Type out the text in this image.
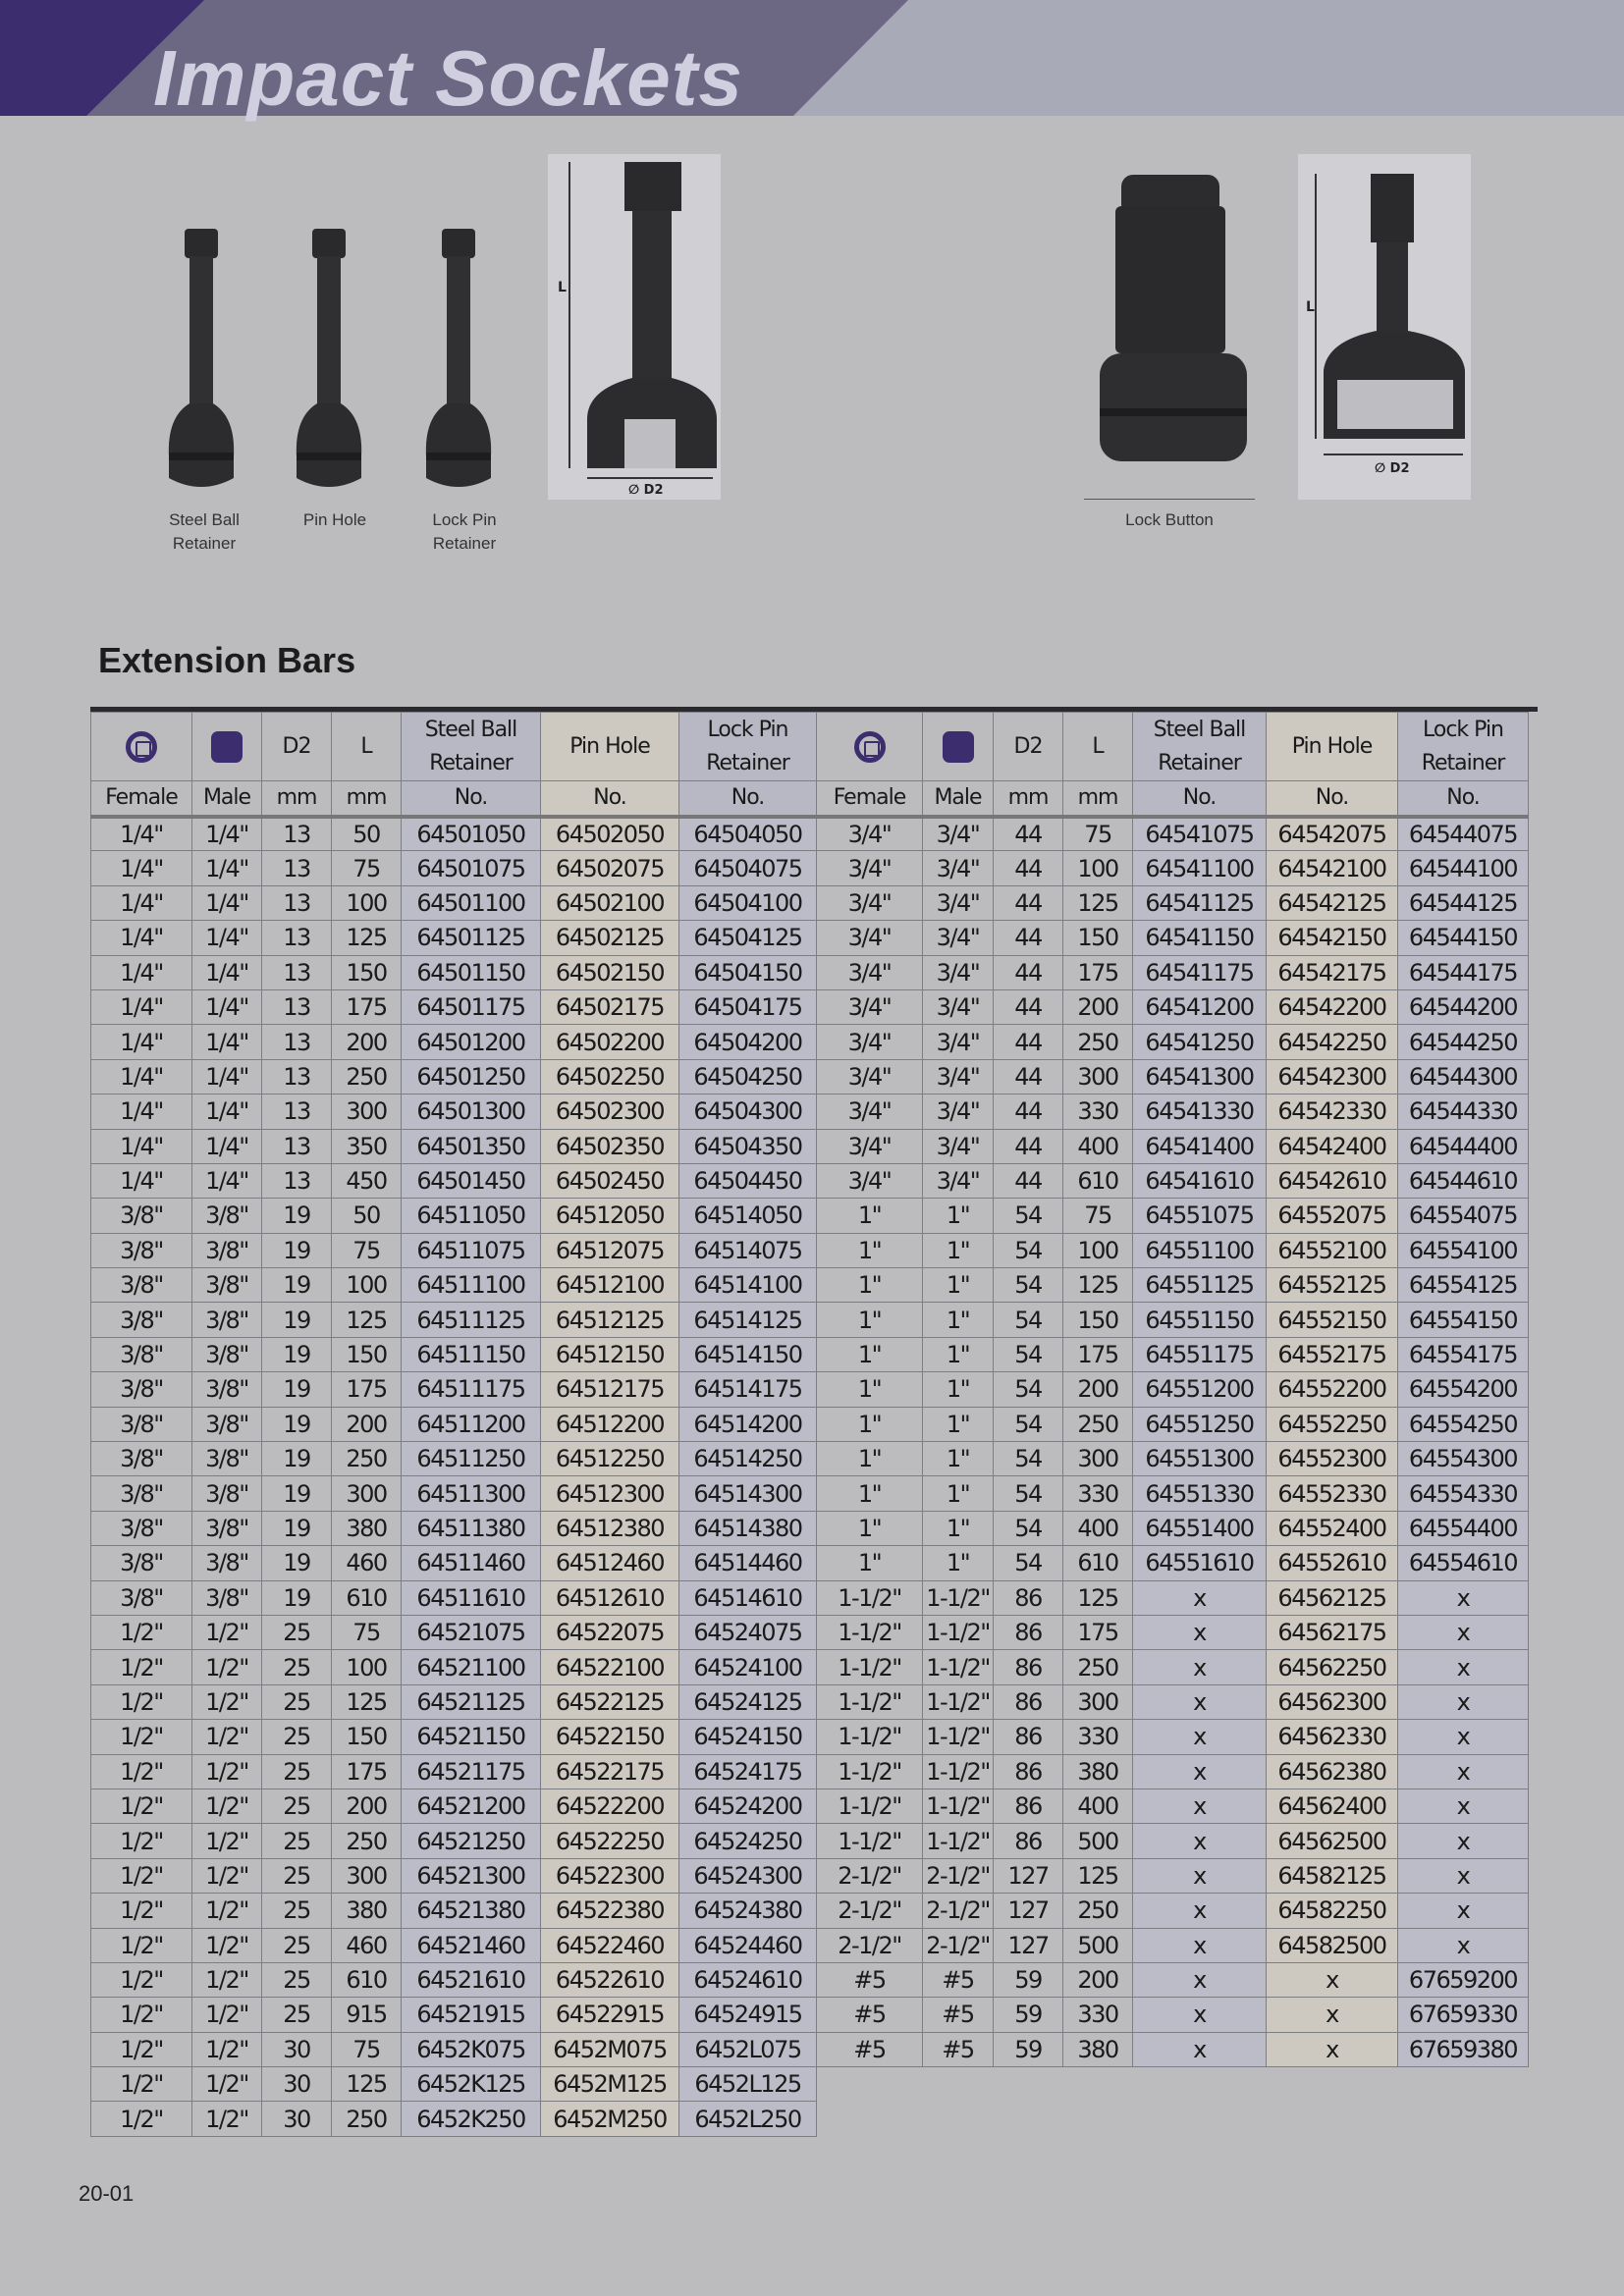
Impact Sockets
L
∅ D2
L
∅ D2
Steel Ball
Retainer
Pin Hole	Lock Pin
Retainer
Lock Button
Extension Bars
		D2	L	Steel Ball
Retainer	Pin Hole	Lock Pin
Retainer
Female	Male	mm	mm	No.	No.	No.
1/4"	1/4"	13	50	64501050	64502050	64504050
1/4"	1/4"	13	75	64501075	64502075	64504075
1/4"	1/4"	13	100	64501100	64502100	64504100
1/4"	1/4"	13	125	64501125	64502125	64504125
1/4"	1/4"	13	150	64501150	64502150	64504150
1/4"	1/4"	13	175	64501175	64502175	64504175
1/4"	1/4"	13	200	64501200	64502200	64504200
1/4"	1/4"	13	250	64501250	64502250	64504250
1/4"	1/4"	13	300	64501300	64502300	64504300
1/4"	1/4"	13	350	64501350	64502350	64504350
1/4"	1/4"	13	450	64501450	64502450	64504450
3/8"	3/8"	19	50	64511050	64512050	64514050
3/8"	3/8"	19	75	64511075	64512075	64514075
3/8"	3/8"	19	100	64511100	64512100	64514100
3/8"	3/8"	19	125	64511125	64512125	64514125
3/8"	3/8"	19	150	64511150	64512150	64514150
3/8"	3/8"	19	175	64511175	64512175	64514175
3/8"	3/8"	19	200	64511200	64512200	64514200
3/8"	3/8"	19	250	64511250	64512250	64514250
3/8"	3/8"	19	300	64511300	64512300	64514300
3/8"	3/8"	19	380	64511380	64512380	64514380
3/8"	3/8"	19	460	64511460	64512460	64514460
3/8"	3/8"	19	610	64511610	64512610	64514610
1/2"	1/2"	25	75	64521075	64522075	64524075
1/2"	1/2"	25	100	64521100	64522100	64524100
1/2"	1/2"	25	125	64521125	64522125	64524125
1/2"	1/2"	25	150	64521150	64522150	64524150
1/2"	1/2"	25	175	64521175	64522175	64524175
1/2"	1/2"	25	200	64521200	64522200	64524200
1/2"	1/2"	25	250	64521250	64522250	64524250
1/2"	1/2"	25	300	64521300	64522300	64524300
1/2"	1/2"	25	380	64521380	64522380	64524380
1/2"	1/2"	25	460	64521460	64522460	64524460
1/2"	1/2"	25	610	64521610	64522610	64524610
1/2"	1/2"	25	915	64521915	64522915	64524915
1/2"	1/2"	30	75	6452K075	6452M075	6452L075
1/2"	1/2"	30	125	6452K125	6452M125	6452L125
1/2"	1/2"	30	250	6452K250	6452M250	6452L250
		D2	L	Steel Ball
Retainer	Pin Hole	Lock Pin
Retainer
Female	Male	mm	mm	No.	No.	No.
3/4"	3/4"	44	75	64541075	64542075	64544075
3/4"	3/4"	44	100	64541100	64542100	64544100
3/4"	3/4"	44	125	64541125	64542125	64544125
3/4"	3/4"	44	150	64541150	64542150	64544150
3/4"	3/4"	44	175	64541175	64542175	64544175
3/4"	3/4"	44	200	64541200	64542200	64544200
3/4"	3/4"	44	250	64541250	64542250	64544250
3/4"	3/4"	44	300	64541300	64542300	64544300
3/4"	3/4"	44	330	64541330	64542330	64544330
3/4"	3/4"	44	400	64541400	64542400	64544400
3/4"	3/4"	44	610	64541610	64542610	64544610
1"	1"	54	75	64551075	64552075	64554075
1"	1"	54	100	64551100	64552100	64554100
1"	1"	54	125	64551125	64552125	64554125
1"	1"	54	150	64551150	64552150	64554150
1"	1"	54	175	64551175	64552175	64554175
1"	1"	54	200	64551200	64552200	64554200
1"	1"	54	250	64551250	64552250	64554250
1"	1"	54	300	64551300	64552300	64554300
1"	1"	54	330	64551330	64552330	64554330
1"	1"	54	400	64551400	64552400	64554400
1"	1"	54	610	64551610	64552610	64554610
1-1/2"	1-1/2"	86	125	x	64562125	x
1-1/2"	1-1/2"	86	175	x	64562175	x
1-1/2"	1-1/2"	86	250	x	64562250	x
1-1/2"	1-1/2"	86	300	x	64562300	x
1-1/2"	1-1/2"	86	330	x	64562330	x
1-1/2"	1-1/2"	86	380	x	64562380	x
1-1/2"	1-1/2"	86	400	x	64562400	x
1-1/2"	1-1/2"	86	500	x	64562500	x
2-1/2"	2-1/2"	127	125	x	64582125	x
2-1/2"	2-1/2"	127	250	x	64582250	x
2-1/2"	2-1/2"	127	500	x	64582500	x
#5	#5	59	200	x	x	67659200
#5	#5	59	330	x	x	67659330
#5	#5	59	380	x	x	67659380
20-01
